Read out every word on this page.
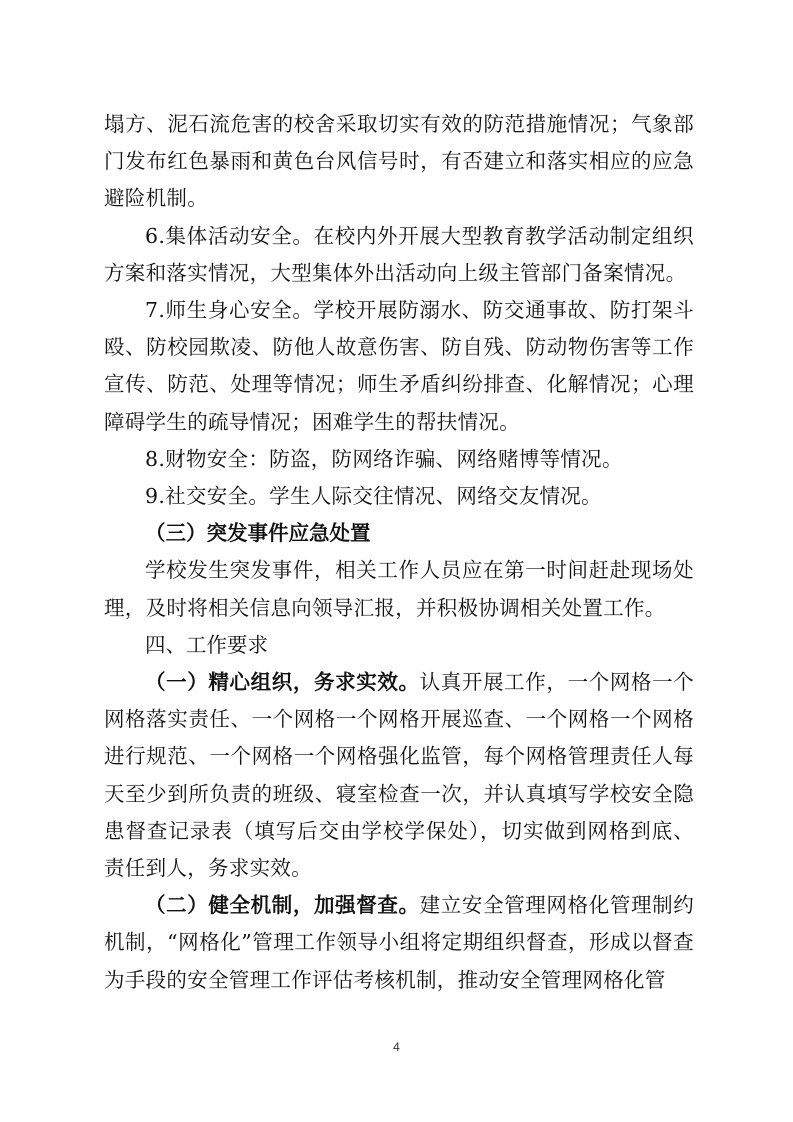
塌方、泥石流危害的校舍采取切实有效的防范措施情况；气象部门发布红色暴雨和黄色台风信号时，有否建立和落实相应的应急避险机制。

6.集体活动安全。在校内外开展大型教育教学活动制定组织方案和落实情况，大型集体外出活动向上级主管部门备案情况。

7.师生身心安全。学校开展防溺水、防交通事故、防打架斗殴、防校园欺凌、防他人故意伤害、防自残、防动物伤害等工作宣传、防范、处理等情况；师生矛盾纠纷排查、化解情况；心理障碍学生的疏导情况；困难学生的帮扶情况。

8.财物安全：防盗，防网络诈骗、网络赌博等情况。

9.社交安全。学生人际交往情况、网络交友情况。

（三）突发事件应急处置

学校发生突发事件，相关工作人员应在第一时间赶赴现场处理，及时将相关信息向领导汇报，并积极协调相关处置工作。

四、工作要求

（一）精心组织，务求实效。认真开展工作，一个网格一个网格落实责任、一个网格一个网格开展巡查、一个网格一个网格进行规范、一个网格一个网格强化监管，每个网格管理责任人每天至少到所负责的班级、寝室检查一次，并认真填写学校安全隐患督查记录表（填写后交由学校学保处），切实做到网格到底、责任到人，务求实效。

（二）健全机制，加强督查。建立安全管理网格化管理制约机制，“网格化”管理工作领导小组将定期组织督查，形成以督查为手段的安全管理工作评估考核机制，推动安全管理网格化管

4
